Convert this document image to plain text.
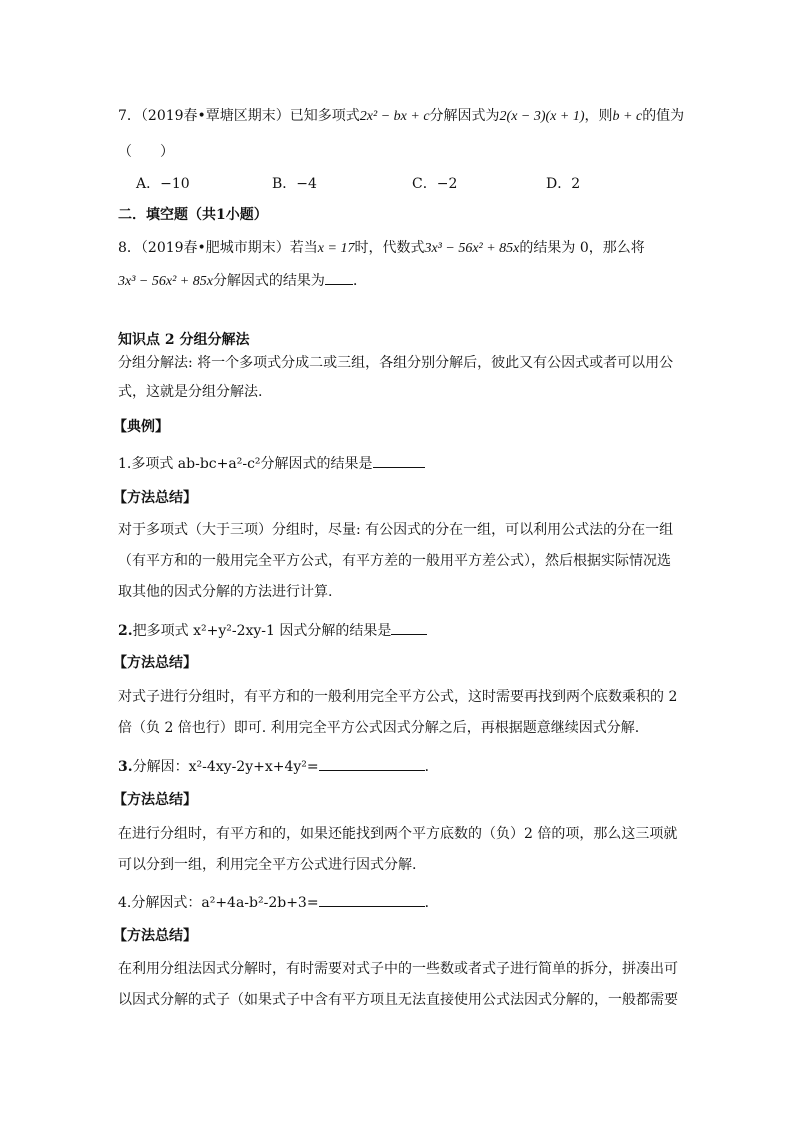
7．（2019春•覃塘区期末）已知多项式2x² − bx + c分解因式为2(x − 3)(x + 1)，则b + c的值为
（　　）
A．−10	B．−4	C．−2	D．2
二．填空题（共1小题）
8．（2019春•肥城市期末）若当x = 17时，代数式3x³ − 56x² + 85x的结果为 0，那么将
3x³ − 56x² + 85x分解因式的结果为 ．
知识点 2 分组分解法
分组分解法: 将一个多项式分成二或三组，各组分别分解后，彼此又有公因式或者可以用公
式，这就是分组分解法.
【典例】
1.多项式 ab-bc+a²-c²分解因式的结果是
【方法总结】
对于多项式（大于三项）分组时，尽量: 有公因式的分在一组，可以利用公式法的分在一组
（有平方和的一般用完全平方公式，有平方差的一般用平方差公式），然后根据实际情况选
取其他的因式分解的方法进行计算.
2.把多项式 x²+y²-2xy-1 因式分解的结果是
【方法总结】
对式子进行分组时，有平方和的一般利用完全平方公式，这时需要再找到两个底数乘积的 2
倍（负 2 倍也行）即可. 利用完全平方公式因式分解之后，再根据题意继续因式分解.
3.分解因：x²-4xy-2y+x+4y²=	．
【方法总结】
在进行分组时，有平方和的，如果还能找到两个平方底数的（负）2 倍的项，那么这三项就
可以分到一组，利用完全平方公式进行因式分解.
4.分解因式：a²+4a-b²-2b+3=	．
【方法总结】
在利用分组法因式分解时，有时需要对式子中的一些数或者式子进行简单的拆分，拼凑出可
以因式分解的式子（如果式子中含有平方项且无法直接使用公式法因式分解的，一般都需要
